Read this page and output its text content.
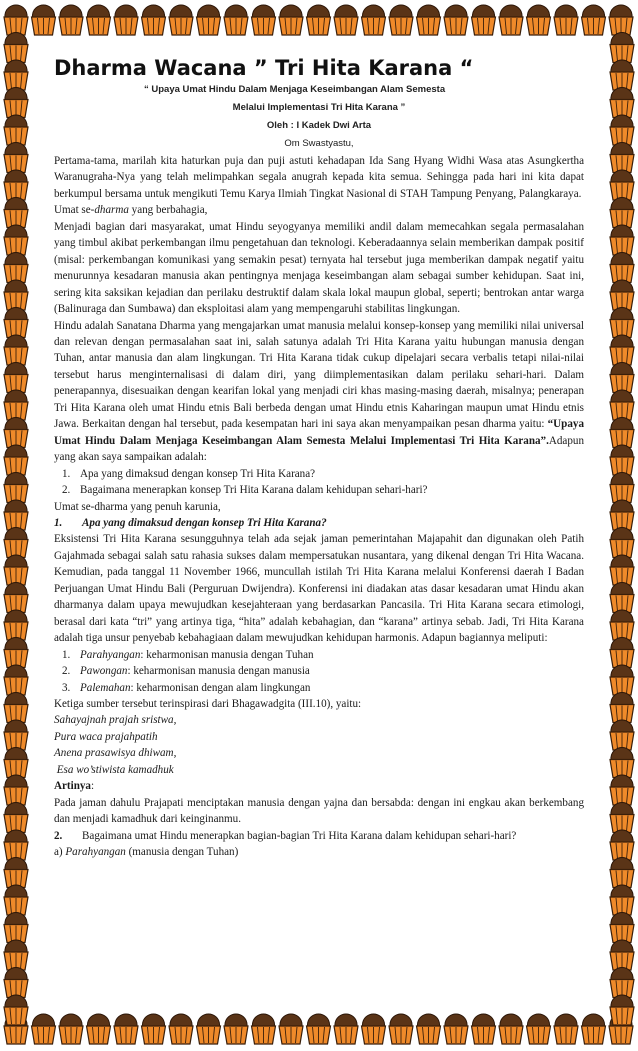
Dharma Wacana ” Tri Hita Karana “
“ Upaya Umat Hindu Dalam Menjaga Keseimbangan Alam Semesta
Melalui Implementasi Tri Hita Karana ”
Oleh : I Kadek Dwi Arta
Om Swastyastu,
Pertama-tama, marilah kita haturkan puja dan puji astuti kehadapan Ida Sang Hyang Widhi Wasa atas Asungkertha Waranugraha-Nya yang telah melimpahkan segala anugrah kepada kita semua. Sehingga pada hari ini kita dapat berkumpul bersama untuk mengikuti Temu Karya Ilmiah Tingkat Nasional di STAH Tampung Penyang, Palangkaraya.
Umat se-dharma yang berbahagia,
Menjadi bagian dari masyarakat, umat Hindu seyogyanya memiliki andil dalam memecahkan segala permasalahan yang timbul akibat perkembangan ilmu pengetahuan dan teknologi. Keberadaannya selain memberikan dampak positif (misal: perkembangan komunikasi yang semakin pesat) ternyata hal tersebut juga memberikan dampak negatif yaitu menurunnya kesadaran manusia akan pentingnya menjaga keseimbangan alam sebagai sumber kehidupan. Saat ini, sering kita saksikan kejadian dan perilaku destruktif dalam skala lokal maupun global, seperti; bentrokan antar warga (Balinuraga dan Sumbawa) dan eksploitasi alam yang mempengaruhi stabilitas lingkungan.
Hindu adalah Sanatana Dharma yang mengajarkan umat manusia melalui konsep-konsep yang memiliki nilai universal dan relevan dengan permasalahan saat ini, salah satunya adalah Tri Hita Karana yaitu hubungan manusia dengan Tuhan, antar manusia dan alam lingkungan. Tri Hita Karana tidak cukup dipelajari secara verbalis tetapi nilai-nilai tersebut harus menginternalisasi di dalam diri, yang diimplementasikan dalam perilaku sehari-hari. Dalam penerapannya, disesuaikan dengan kearifan lokal yang menjadi ciri khas masing-masing daerah, misalnya; penerapan Tri Hita Karana oleh umat Hindu etnis Bali berbeda dengan umat Hindu etnis Kaharingan maupun umat Hindu etnis Jawa. Berkaitan dengan hal tersebut, pada kesempatan hari ini saya akan menyampaikan pesan dharma yaitu: “Upaya Umat Hindu Dalam Menjaga Keseimbangan Alam Semesta Melalui Implementasi Tri Hita Karana”.Adapun yang akan saya sampaikan adalah:
1. Apa yang dimaksud dengan konsep Tri Hita Karana?
2. Bagaimana menerapkan konsep Tri Hita Karana dalam kehidupan sehari-hari?
Umat se-dharma yang penuh karunia,
1. Apa yang dimaksud dengan konsep Tri Hita Karana?
Eksistensi Tri Hita Karana sesungguhnya telah ada sejak jaman pemerintahan Majapahit dan digunakan oleh Patih Gajahmada sebagai salah satu rahasia sukses dalam mempersatukan nusantara, yang dikenal dengan Tri Hita Wacana. Kemudian, pada tanggal 11 November 1966, muncullah istilah Tri Hita Karana melalui Konferensi daerah I Badan Perjuangan Umat Hindu Bali (Perguruan Dwijendra). Konferensi ini diadakan atas dasar kesadaran umat Hindu akan dharmanya dalam upaya mewujudkan kesejahteraan yang berdasarkan Pancasila. Tri Hita Karana secara etimologi, berasal dari kata “tri” yang artinya tiga, “hita” adalah kebahagian, dan “karana” artinya sebab. Jadi, Tri Hita Karana adalah tiga unsur penyebab kebahagiaan dalam mewujudkan kehidupan harmonis. Adapun bagiannya meliputi:
1. Parahyangan: keharmonisan manusia dengan Tuhan
2. Pawongan: keharmonisan manusia dengan manusia
3. Palemahan: keharmonisan dengan alam lingkungan
Ketiga sumber tersebut terinspirasi dari Bhagawadgita (III.10), yaitu:
Sahayajnah prajah sristwa,
Pura waca prajahpatih
Anena prasawisya dhiwam,
Esa wo’stiwista kamadhuk
Artinya:
Pada jaman dahulu Prajapati menciptakan manusia dengan yajna dan bersabda: dengan ini engkau akan berkembang dan menjadi kamadhuk dari keinginanmu.
2. Bagaimana umat Hindu menerapkan bagian-bagian Tri Hita Karana dalam kehidupan sehari-hari?
a) Parahyangan (manusia dengan Tuhan)
